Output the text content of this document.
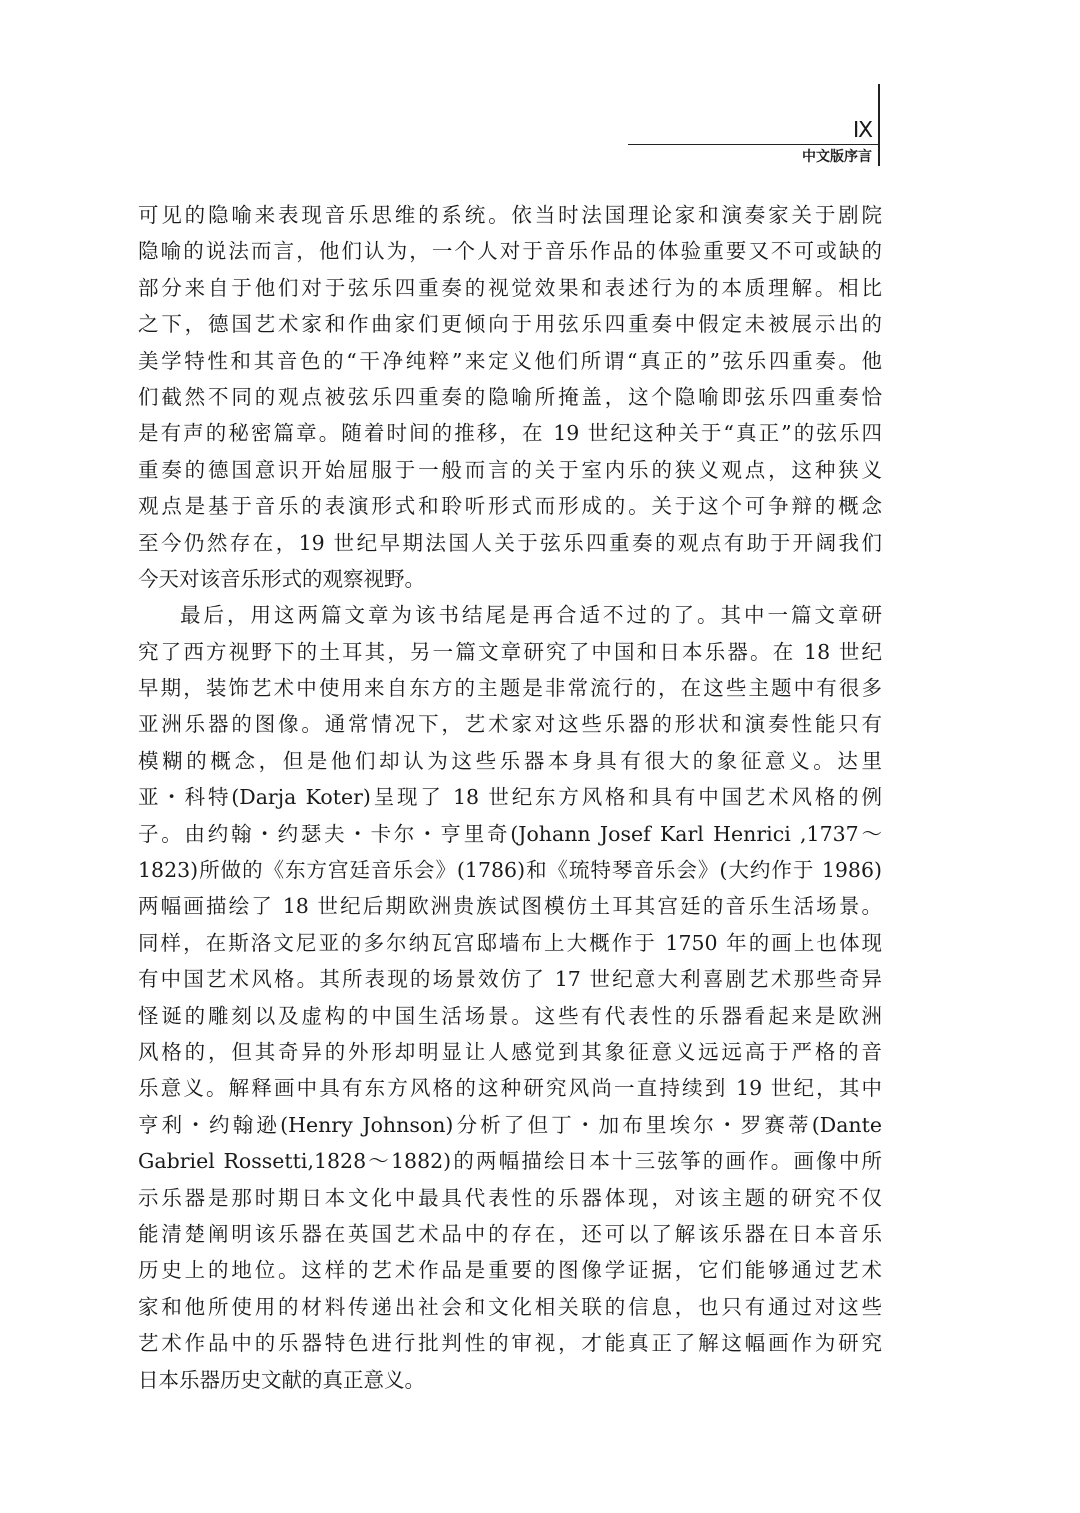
Ⅸ
中文版序言
可见的隐喻来表现音乐思维的系统。依当时法国理论家和演奏家关于剧院
隐喻的说法而言，他们认为，一个人对于音乐作品的体验重要又不可或缺的
部分来自于他们对于弦乐四重奏的视觉效果和表述行为的本质理解。相比
之下，德国艺术家和作曲家们更倾向于用弦乐四重奏中假定未被展示出的
美学特性和其音色的“干净纯粹”来定义他们所谓“真正的”弦乐四重奏。他
们截然不同的观点被弦乐四重奏的隐喻所掩盖，这个隐喻即弦乐四重奏恰
是有声的秘密篇章。随着时间的推移，在 19 世纪这种关于“真正”的弦乐四
重奏的德国意识开始屈服于一般而言的关于室内乐的狭义观点，这种狭义
观点是基于音乐的表演形式和聆听形式而形成的。关于这个可争辩的概念
至今仍然存在，19 世纪早期法国人关于弦乐四重奏的观点有助于开阔我们
今天对该音乐形式的观察视野。
最后，用这两篇文章为该书结尾是再合适不过的了。其中一篇文章研
究了西方视野下的土耳其，另一篇文章研究了中国和日本乐器。在 18 世纪
早期，装饰艺术中使用来自东方的主题是非常流行的，在这些主题中有很多
亚洲乐器的图像。通常情况下，艺术家对这些乐器的形状和演奏性能只有
模糊的概念，但是他们却认为这些乐器本身具有很大的象征意义。达里
亚・科特(Darja Koter)呈现了 18 世纪东方风格和具有中国艺术风格的例
子。由约翰・约瑟夫・卡尔・亨里奇(Johann Josef Karl Henrici ,1737～
1823)所做的《东方宫廷音乐会》(1786)和《琉特琴音乐会》(大约作于 1986)
两幅画描绘了 18 世纪后期欧洲贵族试图模仿土耳其宫廷的音乐生活场景。
同样，在斯洛文尼亚的多尔纳瓦宫邸墙布上大概作于 1750 年的画上也体现
有中国艺术风格。其所表现的场景效仿了 17 世纪意大利喜剧艺术那些奇异
怪诞的雕刻以及虚构的中国生活场景。这些有代表性的乐器看起来是欧洲
风格的，但其奇异的外形却明显让人感觉到其象征意义远远高于严格的音
乐意义。解释画中具有东方风格的这种研究风尚一直持续到 19 世纪，其中
亨利・约翰逊(Henry Johnson)分析了但丁・加布里埃尔・罗赛蒂(Dante
Gabriel Rossetti,1828～1882)的两幅描绘日本十三弦筝的画作。画像中所
示乐器是那时期日本文化中最具代表性的乐器体现，对该主题的研究不仅
能清楚阐明该乐器在英国艺术品中的存在，还可以了解该乐器在日本音乐
历史上的地位。这样的艺术作品是重要的图像学证据，它们能够通过艺术
家和他所使用的材料传递出社会和文化相关联的信息，也只有通过对这些
艺术作品中的乐器特色进行批判性的审视，才能真正了解这幅画作为研究
日本乐器历史文献的真正意义。
